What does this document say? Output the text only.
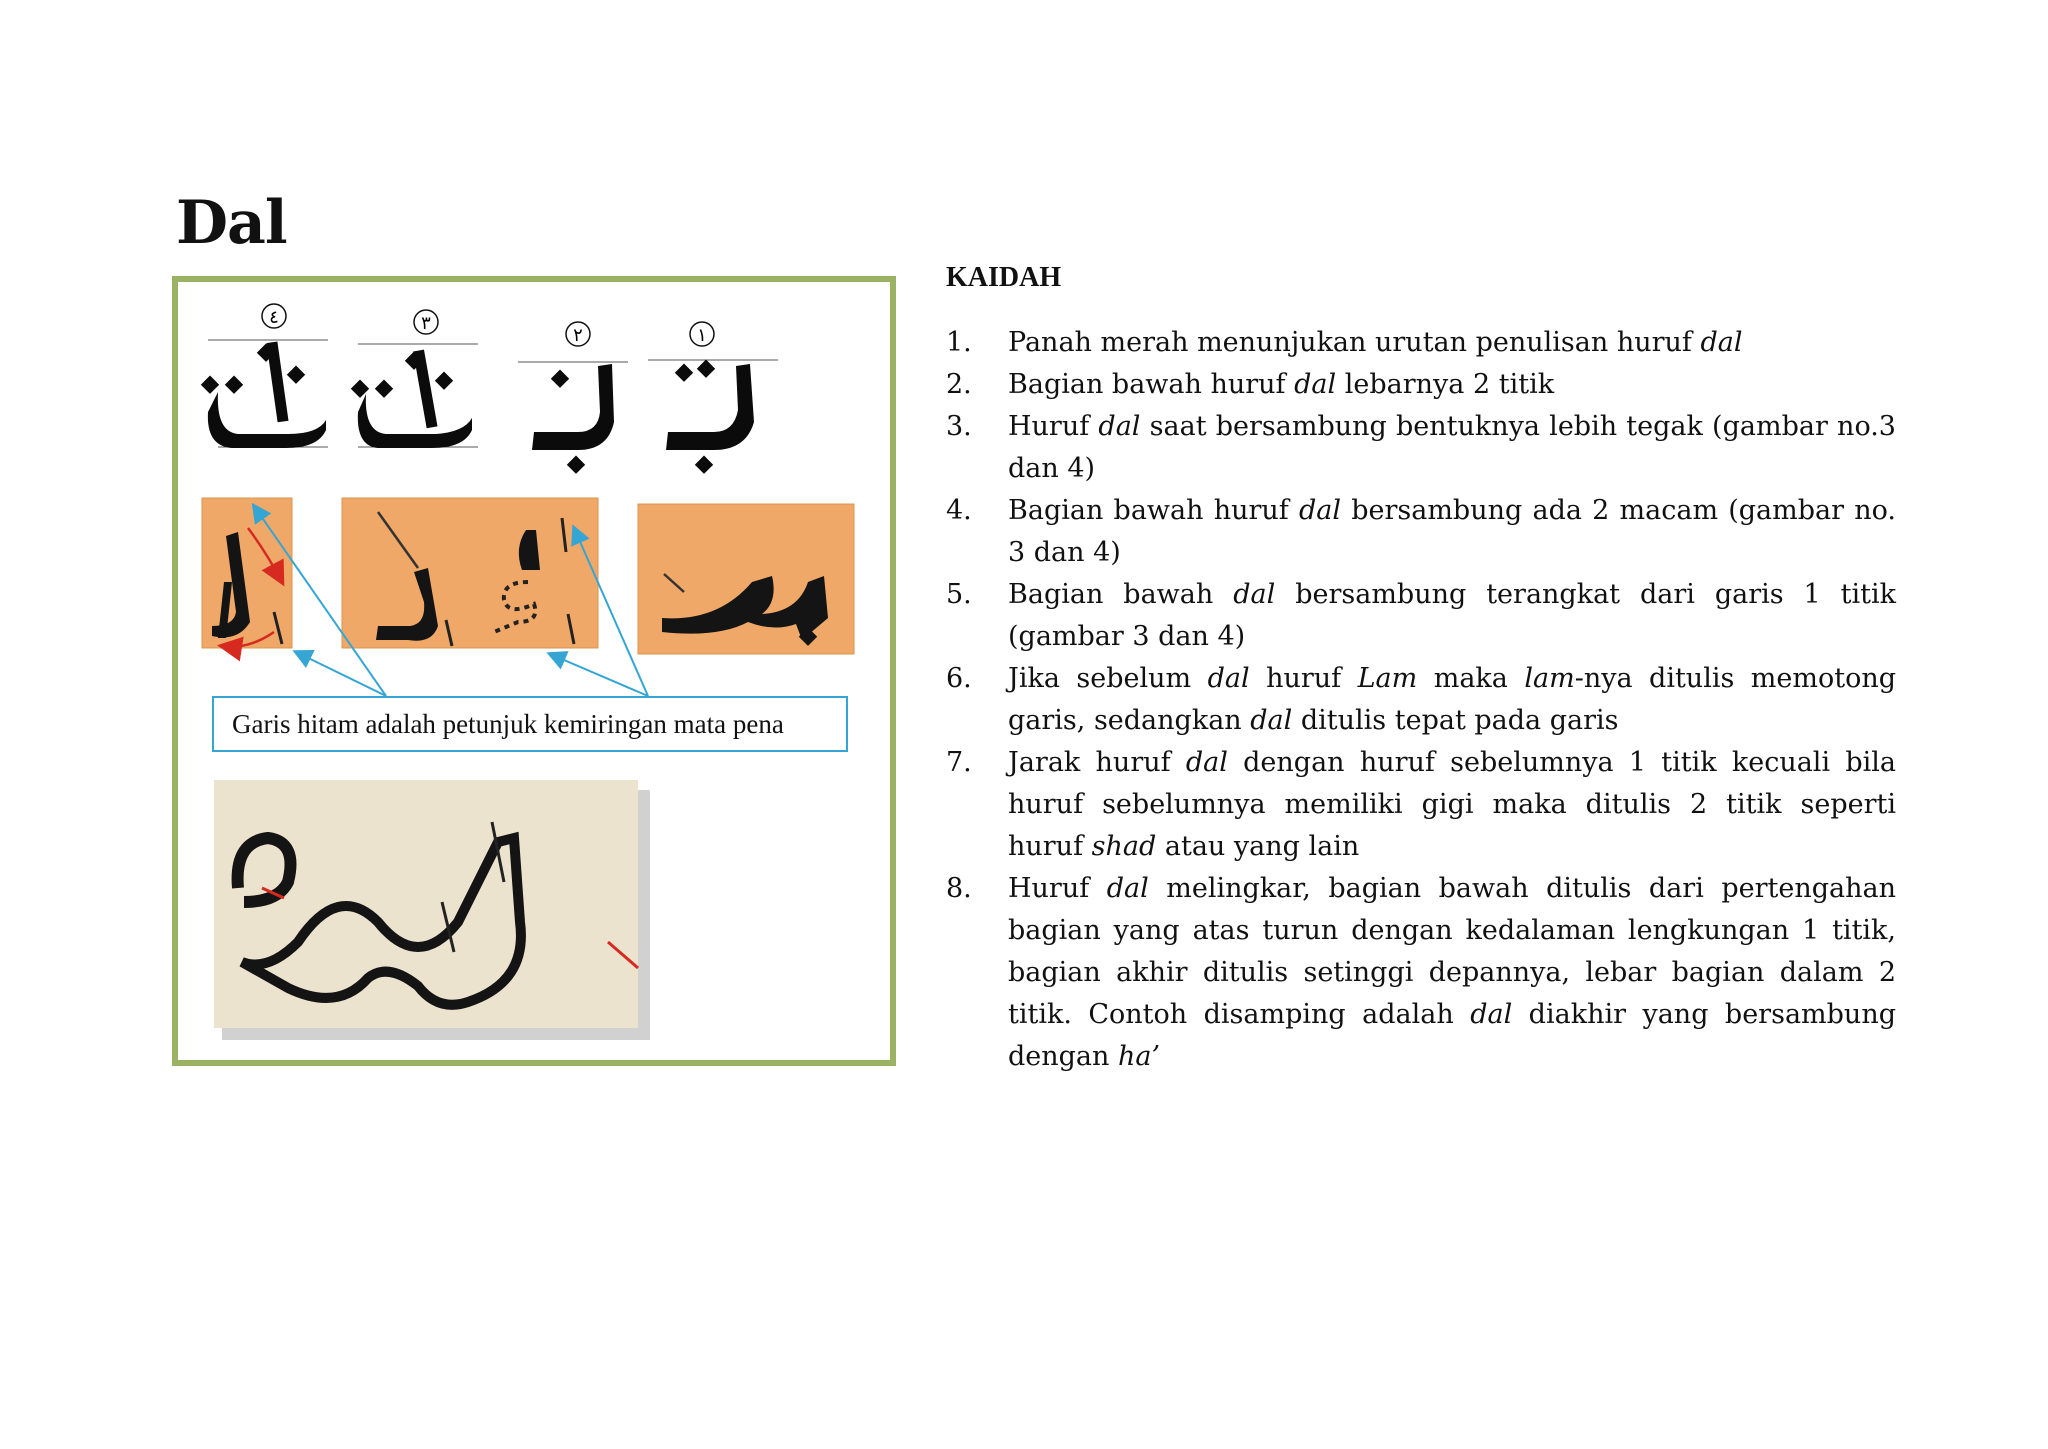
Dal
٤	٣
٢	١
Garis hitam adalah petunjuk kemiringan mata pena
KAIDAH
1. Panah merah menunjukan urutan penulisan huruf dal
2. Bagian bawah huruf dal lebarnya 2 titik
3. Huruf dal saat bersambung bentuknya lebih tegak (gambar no.3 dan 4)
4. Bagian bawah huruf dal bersambung ada 2 macam (gambar no. 3 dan 4)
5. Bagian bawah dal bersambung terangkat dari garis 1 titik (gambar 3 dan 4)
6. Jika sebelum dal huruf Lam maka lam-nya ditulis memotong garis, sedangkan dal ditulis tepat pada garis
7. Jarak huruf dal dengan huruf sebelumnya 1 titik kecuali bila huruf sebelumnya memiliki gigi maka ditulis 2 titik seperti huruf shad atau yang lain
8. Huruf dal melingkar, bagian bawah ditulis dari pertengahan bagian yang atas turun dengan kedalaman lengkungan 1 titik, bagian akhir ditulis setinggi depannya, lebar bagian dalam 2 titik. Contoh disamping adalah dal diakhir yang bersambung dengan ha’
